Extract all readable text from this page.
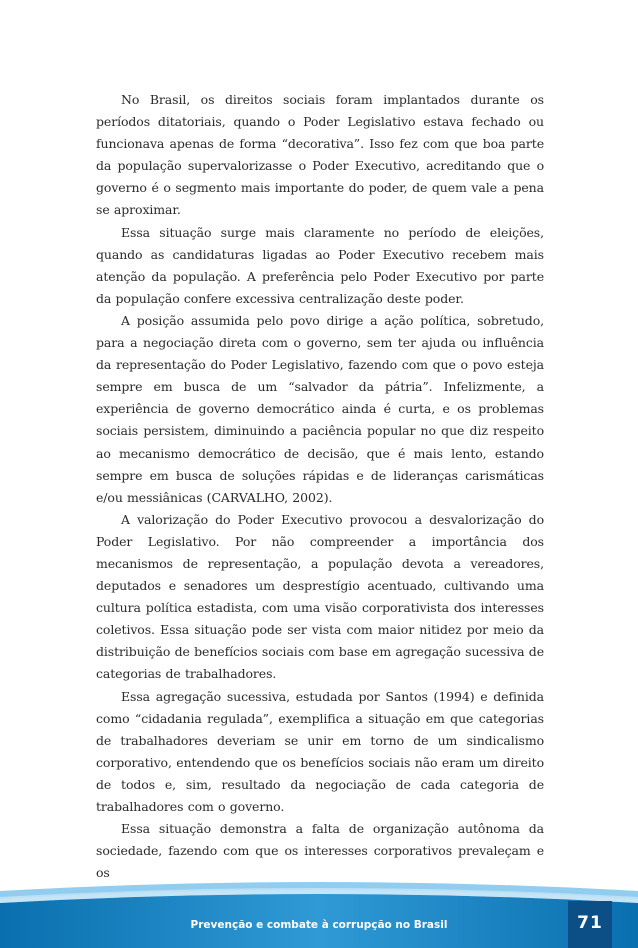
No Brasil, os direitos sociais foram implantados durante os períodos ditatoriais, quando o Poder Legislativo estava fechado ou funcionava apenas de forma “decorativa”. Isso fez com que boa parte da população supervalorizasse o Poder Executivo, acreditando que o governo é o segmento mais importante do poder, de quem vale a pena se aproximar.

Essa situação surge mais claramente no período de eleições, quando as candidaturas ligadas ao Poder Executivo recebem mais atenção da população. A preferência pelo Poder Executivo por parte da população confere excessiva centralização deste poder.

A posição assumida pelo povo dirige a ação política, sobretudo, para a negociação direta com o governo, sem ter ajuda ou influência da representação do Poder Legislativo, fazendo com que o povo esteja sempre em busca de um “salvador da pátria”. Infelizmente, a experiência de governo democrático ainda é curta, e os problemas sociais persistem, diminuindo a paciência popular no que diz respeito ao mecanismo democrático de decisão, que é mais lento, estando sempre em busca de soluções rápidas e de lideranças carismáticas e/ou messiânicas (CARVALHO, 2002).

A valorização do Poder Executivo provocou a desvalorização do Poder Legislativo. Por não compreender a importância dos mecanismos de representação, a população devota a vereadores, deputados e senadores um desprestígio acentuado, cultivando uma cultura política estadista, com uma visão corporativista dos interesses coletivos. Essa situação pode ser vista com maior nitidez por meio da distribuição de benefícios sociais com base em agregação sucessiva de categorias de trabalhadores.

Essa agregação sucessiva, estudada por Santos (1994) e definida como “cidadania regulada”, exemplifica a situação em que categorias de trabalhadores deveriam se unir em torno de um sindicalismo corporativo, entendendo que os benefícios sociais não eram um direito de todos e, sim, resultado da negociação de cada categoria de trabalhadores com o governo.

Essa situação demonstra a falta de organização autônoma da sociedade, fazendo com que os interesses corporativos prevaleçam e os

Prevenção e combate à corrupção no Brasil	71
